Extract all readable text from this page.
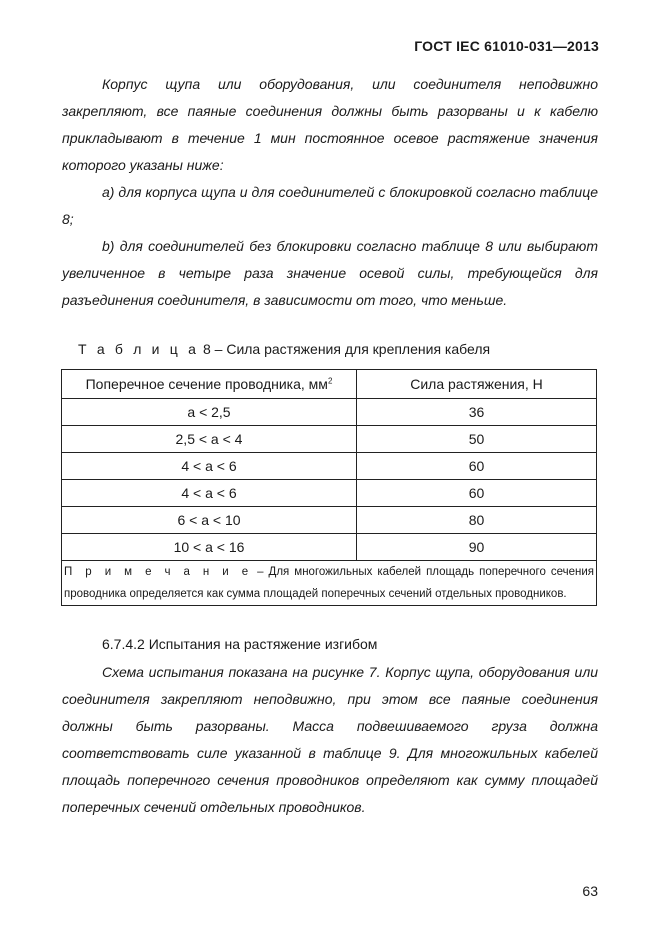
ГОСТ IEC 61010-031—2013

Корпус щупа или оборудования, или соединителя неподвижно закрепляют, все паяные соединения должны быть разорваны и к кабелю прикладывают в течение 1 мин постоянное осевое растяжение значения которого указаны ниже:

a) для корпуса щупа и для соединителей с блокировкой согласно таблице 8;

b) для соединителей без блокировки согласно таблице 8 или выбирают увеличенное в четыре раза значение осевой силы, требующейся для разъединения соединителя, в зависимости от того, что меньше.

Т а б л и ц а 8 – Сила растяжения для крепления кабеля
Поперечное сечение проводника, $мм^2$	Сила растяжения, Н
a < 2,5	36
2,5 < a < 4	50
4 < a < 6	60
4 < a < 6	60
6 < a < 10	80
10 < a < 16	90
П р и м е ч а н и е – Для многожильных кабелей площадь поперечного сечения проводника определяется как сумма площадей поперечных сечений отдельных проводников.	
6.7.4.2 Испытания на растяжение изгибом

Схема испытания показана на рисунке 7. Корпус щупа, оборудования или соединителя закрепляют неподвижно, при этом все паяные соединения должны быть разорваны. Масса подвешиваемого груза должна соответствовать силе указанной в таблице 9. Для многожильных кабелей площадь поперечного сечения проводников определяют как сумму площадей поперечных сечений отдельных проводников.

63
